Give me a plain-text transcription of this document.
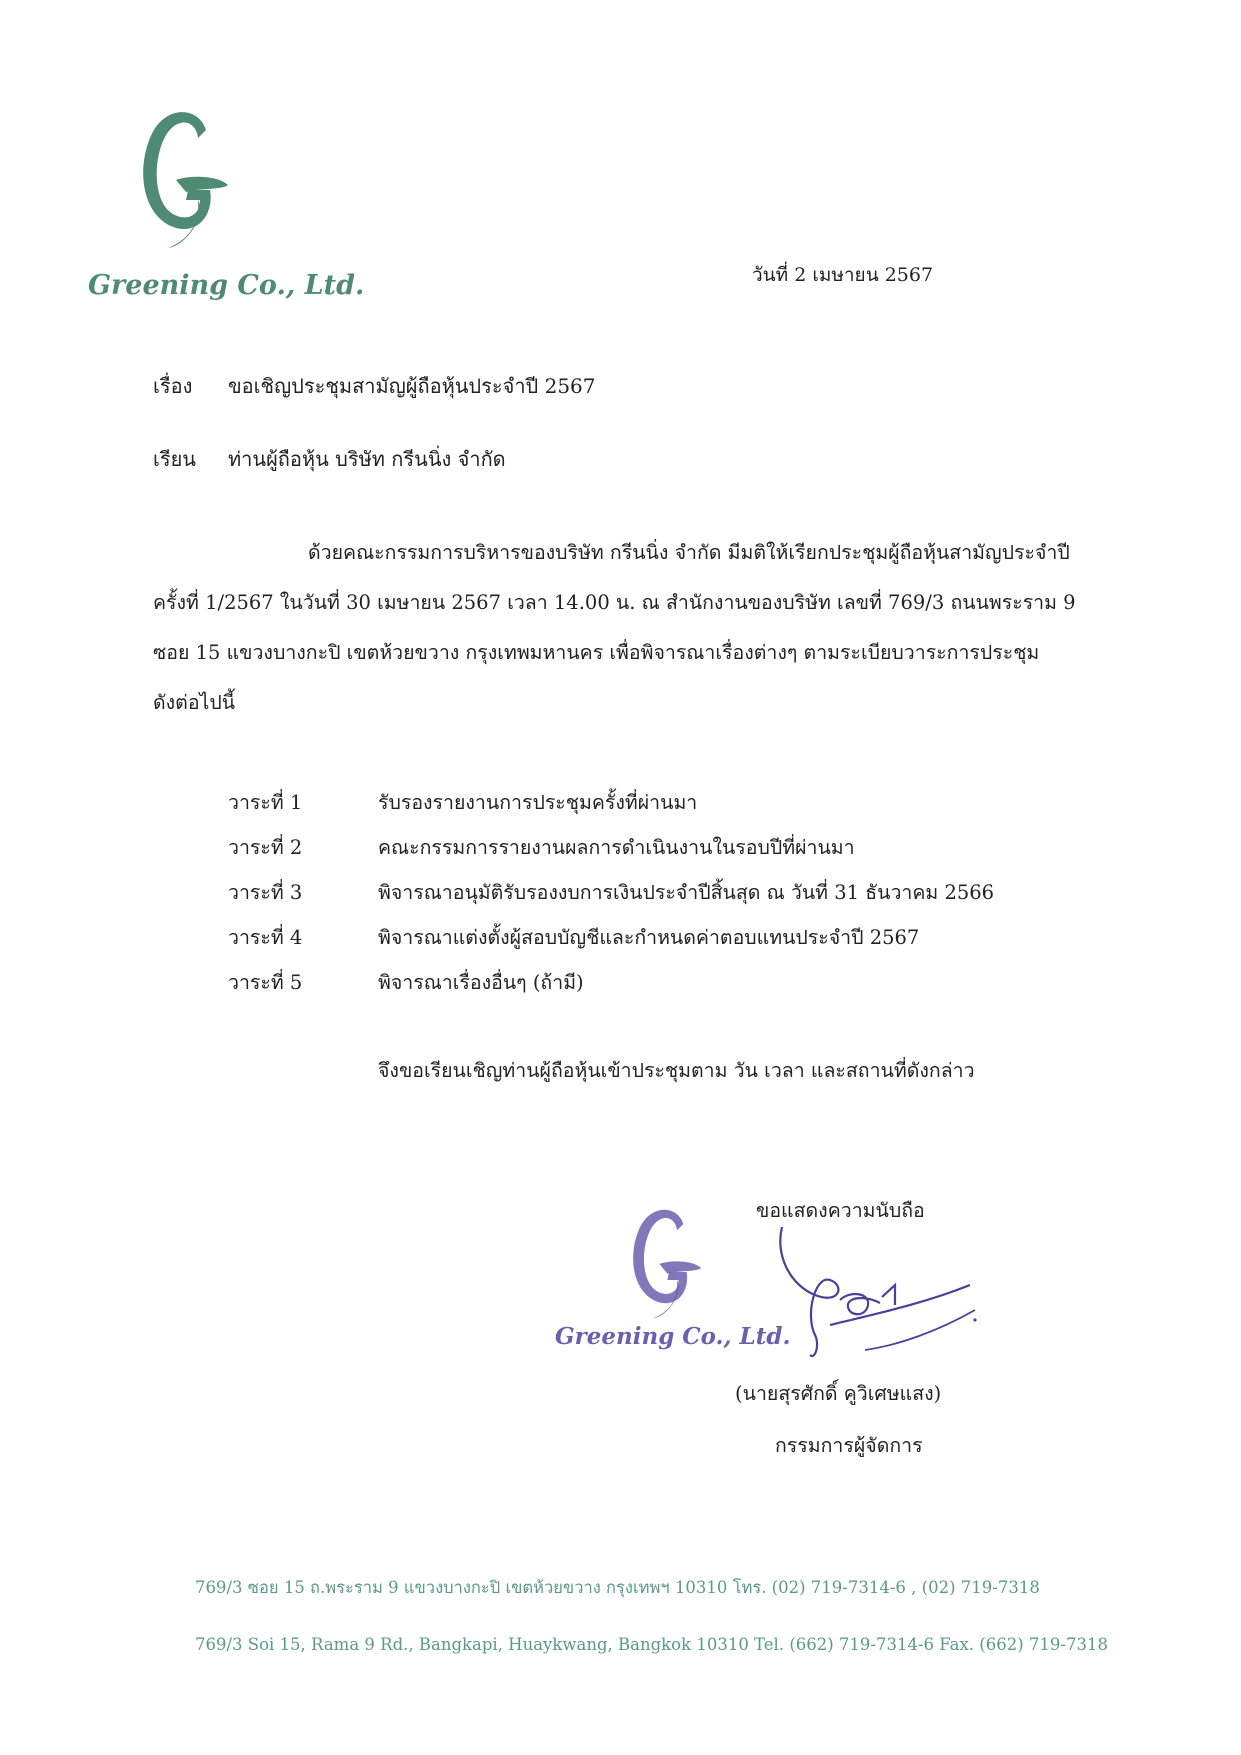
Greening Co., Ltd.	วันที่ 2 เมษายน 2567
เรื่อง ขอเชิญประชุมสามัญผู้ถือหุ้นประจำปี 2567
เรียน ท่านผู้ถือหุ้น บริษัท กรีนนิ่ง จำกัด
ด้วยคณะกรรมการบริหารของบริษัท กรีนนิ่ง จำกัด มีมติให้เรียกประชุมผู้ถือหุ้นสามัญประจำปี
ครั้งที่ 1/2567 ในวันที่ 30 เมษายน 2567 เวลา 14.00 น. ณ สำนักงานของบริษัท เลขที่ 769/3 ถนนพระราม 9
ซอย 15 แขวงบางกะปิ เขตห้วยขวาง กรุงเทพมหานคร เพื่อพิจารณาเรื่องต่างๆ ตามระเบียบวาระการประชุม
ดังต่อไปนี้
วาระที่ 1	รับรองรายงานการประชุมครั้งที่ผ่านมา
วาระที่ 2	คณะกรรมการรายงานผลการดำเนินงานในรอบปีที่ผ่านมา
วาระที่ 3	พิจารณาอนุมัติรับรองงบการเงินประจำปีสิ้นสุด ณ วันที่ 31 ธันวาคม 2566
วาระที่ 4	พิจารณาแต่งตั้งผู้สอบบัญชีและกำหนดค่าตอบแทนประจำปี 2567
วาระที่ 5	พิจารณาเรื่องอื่นๆ (ถ้ามี)
จึงขอเรียนเชิญท่านผู้ถือหุ้นเข้าประชุมตาม วัน เวลา และสถานที่ดังกล่าว
ขอแสดงความนับถือ
Greening Co., Ltd.
(นายสุรศักดิ์ คูวิเศษแสง)
กรรมการผู้จัดการ
769/3 ซอย 15 ถ.พระราม 9 แขวงบางกะปิ เขตห้วยขวาง กรุงเทพฯ 10310 โทร. (02) 719-7314-6 , (02) 719-7318
769/3 Soi 15, Rama 9 Rd., Bangkapi, Huaykwang, Bangkok 10310 Tel. (662) 719-7314-6 Fax. (662) 719-7318
